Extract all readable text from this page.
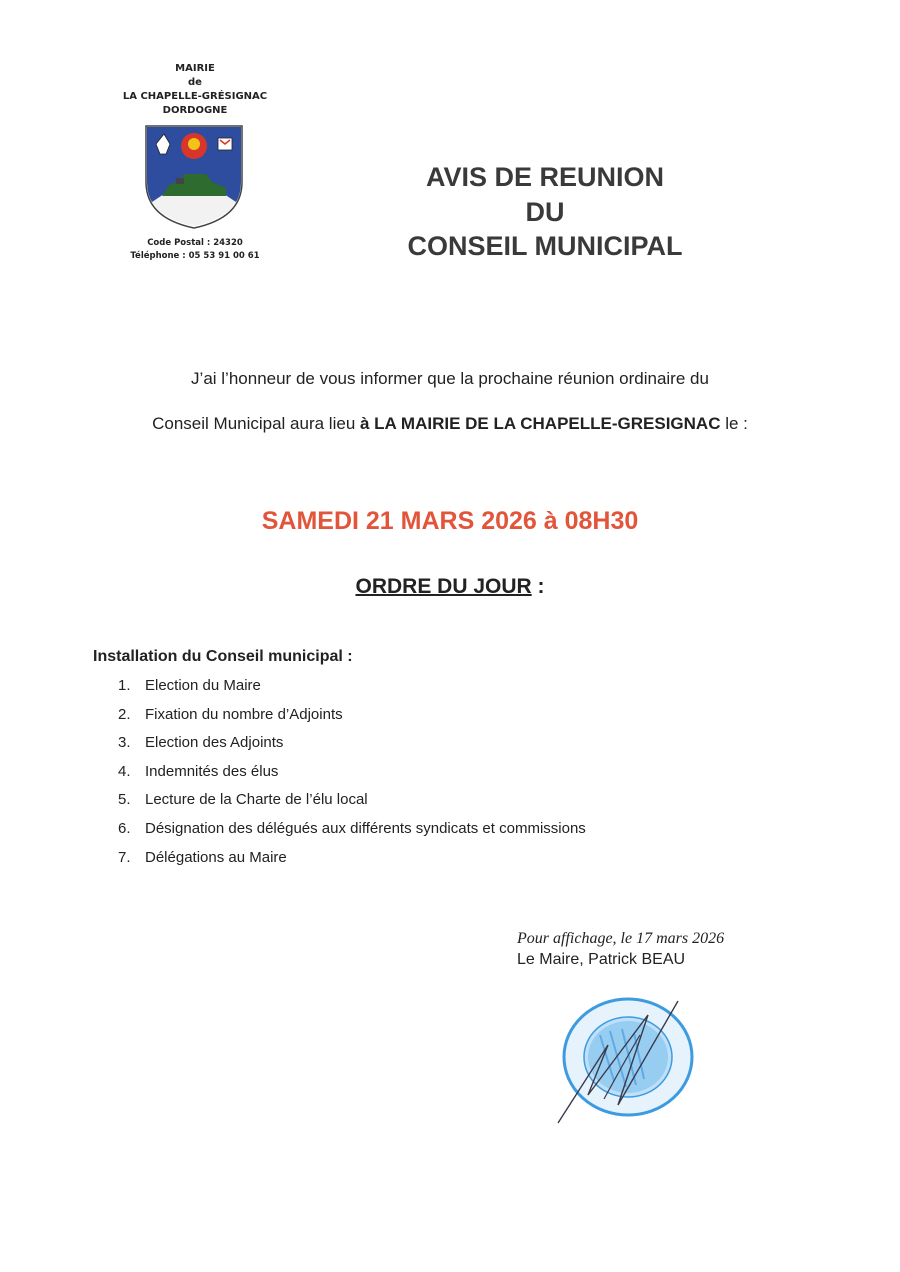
MAIRIE
de
LA CHAPELLE-GRÉSIGNAC
DORDOGNE
Code Postal : 24320
Téléphone : 05 53 91 00 61
AVIS DE REUNION
DU
CONSEIL MUNICIPAL
J’ai l’honneur de vous informer que la prochaine réunion ordinaire du
Conseil Municipal aura lieu à LA MAIRIE DE LA CHAPELLE-GRESIGNAC le :
SAMEDI 21 MARS 2026 à 08H30
ORDRE DU JOUR :
Installation du Conseil municipal :
1. Election du Maire
2. Fixation du nombre d’Adjoints
3. Election des Adjoints
4. Indemnités des élus
5. Lecture de la Charte de l’élu local
6. Désignation des délégués aux différents syndicats et commissions
7. Délégations au Maire
Pour affichage, le 17 mars 2026
Le Maire, Patrick BEAU
